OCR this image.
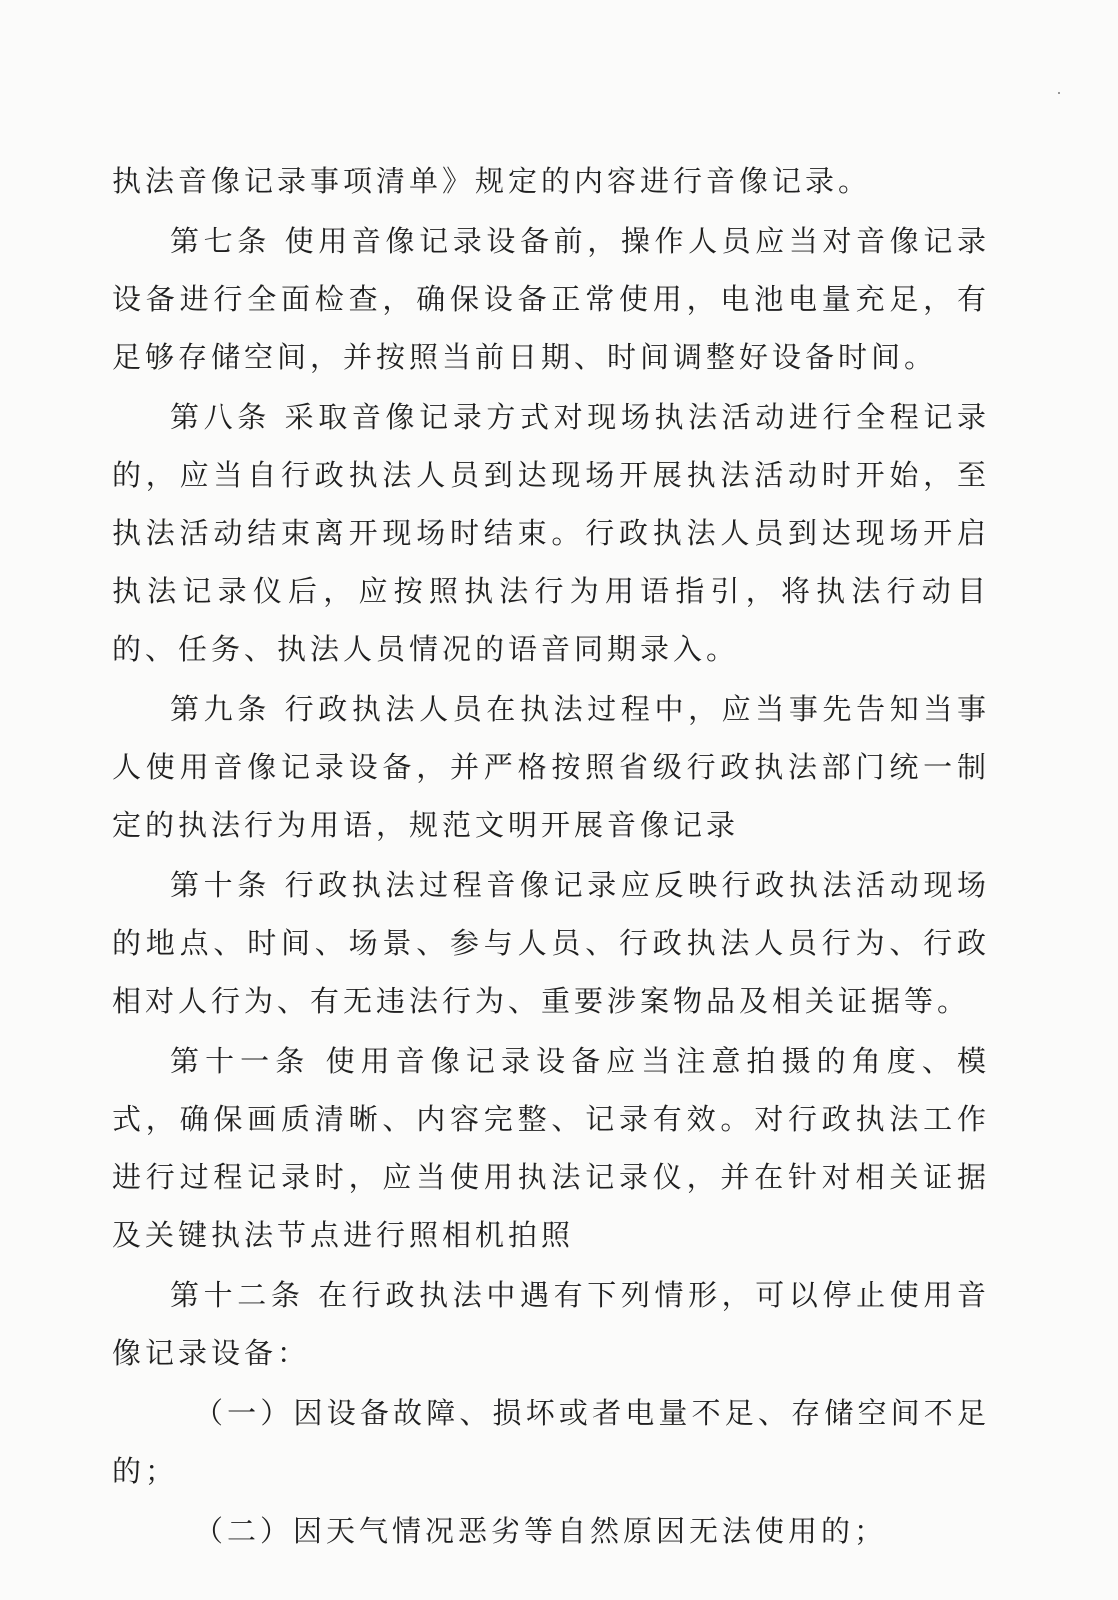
执法音像记录事项清单》规定的内容进行音像记录。

第七条 使用音像记录设备前，操作人员应当对音像记录设备进行全面检查，确保设备正常使用，电池电量充足，有足够存储空间，并按照当前日期、时间调整好设备时间。

第八条 采取音像记录方式对现场执法活动进行全程记录的，应当自行政执法人员到达现场开展执法活动时开始，至执法活动结束离开现场时结束。行政执法人员到达现场开启执法记录仪后，应按照执法行为用语指引，将执法行动目的、任务、执法人员情况的语音同期录入。

第九条 行政执法人员在执法过程中，应当事先告知当事人使用音像记录设备，并严格按照省级行政执法部门统一制定的执法行为用语，规范文明开展音像记录

第十条 行政执法过程音像记录应反映行政执法活动现场的地点、时间、场景、参与人员、行政执法人员行为、行政相对人行为、有无违法行为、重要涉案物品及相关证据等。

第十一条 使用音像记录设备应当注意拍摄的角度、模式，确保画质清晰、内容完整、记录有效。对行政执法工作进行过程记录时，应当使用执法记录仪，并在针对相关证据及关键执法节点进行照相机拍照

第十二条 在行政执法中遇有下列情形，可以停止使用音像记录设备：

（一）因设备故障、损坏或者电量不足、存储空间不足的；

（二）因天气情况恶劣等自然原因无法使用的；
